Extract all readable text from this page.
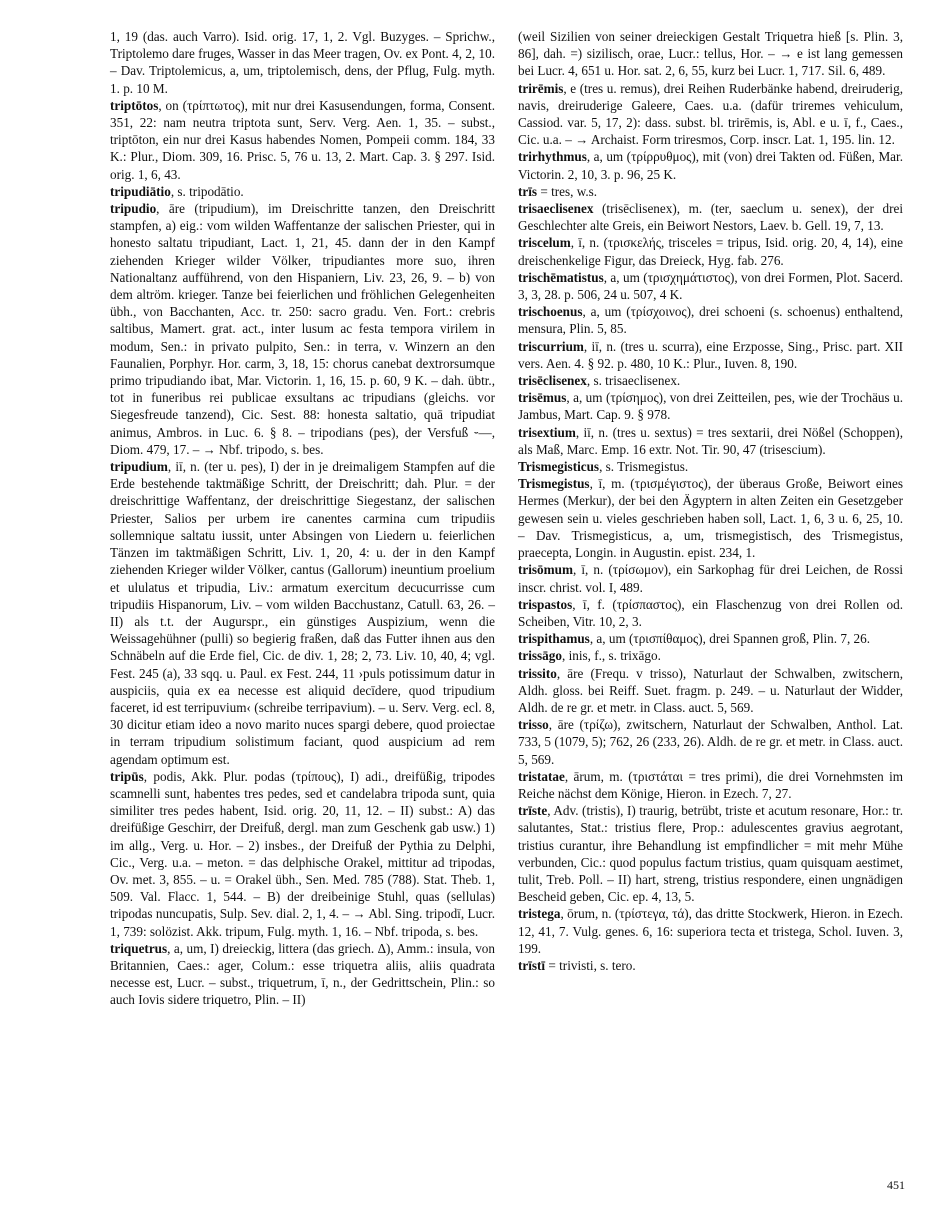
1, 19 (das. auch Varro). Isid. orig. 17, 1, 2. Vgl. Buzyges. – Sprichw., Triptolemo dare fruges, Wasser in das Meer tragen, Ov. ex Pont. 4, 2, 10. – Dav. Triptolemicus, a, um, triptolemisch, dens, der Pflug, Fulg. myth. 1. p. 10 M.

triptōtos, on (τρίπτωτος), mit nur drei Kasusendungen, forma, Consent. 351, 22: nam neutra triptota sunt, Serv. Verg. Aen. 1, 35. – subst., triptōton, ein nur drei Kasus habendes Nomen, Pompeii comm. 184, 33 K.: Plur., Diom. 309, 16. Prisc. 5, 76 u. 13, 2. Mart. Cap. 3. § 297. Isid. orig. 1, 6, 43.

tripudiātio, s. tripodātio.

tripudio, āre (tripudium), im Dreischritte tanzen, den Dreischritt stampfen, a) eig.: vom wilden Waffentanze der salischen Priester, qui in honesto saltatu tripudiant, Lact. 1, 21, 45. dann der in den Kampf ziehenden Krieger wilder Völker, tripudiantes more suo, ihren Nationaltanz aufführend, von den Hispaniern, Liv. 23, 26, 9. – b) von dem altröm. krieger. Tanze bei feierlichen und fröhlichen Gelegenheiten übh., von Bacchanten, Acc. tr. 250: sacro gradu. Ven. Fort.: crebris saltibus, Mamert. grat. act., inter lusum ac festa tempora virilem in modum, Sen.: in privato pulpito, Sen.: in terra, v. Winzern an den Faunalien, Porphyr. Hor. carm, 3, 18, 15: chorus canebat dextrorsumque primo tripudiando ibat, Mar. Victorin. 1, 16, 15. p. 60, 9 K. – dah. übtr., tot in funeribus rei publicae exsultans ac tripudians (gleichs. vor Siegesfreude tanzend), Cic. Sest. 88: honesta saltatio, quā tripudiat animus, Ambros. in Luc. 6. § 8. – tripodians (pes), der Versfuß ⏑—, Diom. 479, 17. – → Nbf. tripodo, s. bes.

tripudium, iī, n. (ter u. pes), I) der in je dreimaligem Stampfen auf die Erde bestehende taktmäßige Schritt, der Dreischritt; dah. Plur. = der dreischrittige Waffentanz, der dreischrittige Siegestanz, der salischen Priester, Salios per urbem ire canentes carmina cum tripudiis sollemnique saltatu iussit, unter Absingen von Liedern u. feierlichen Tänzen im taktmäßigen Schritt, Liv. 1, 20, 4: u. der in den Kampf ziehenden Krieger wilder Völker, cantus (Gallorum) ineuntium proelium et ululatus et tripudia, Liv.: armatum exercitum decucurrisse cum tripudiis Hispanorum, Liv. – vom wilden Bacchustanz, Catull. 63, 26. – II) als t.t. der Augurspr., ein günstiges Auspizium, wenn die Weissagehühner (pulli) so begierig fraßen, daß das Futter ihnen aus den Schnäbeln auf die Erde fiel, Cic. de div. 1, 28; 2, 73. Liv. 10, 40, 4; vgl. Fest. 245 (a), 33 sqq. u. Paul. ex Fest. 244, 11 ›puls potissimum datur in auspiciis, quia ex ea necesse est aliquid decīdere, quod tripudium faceret, id est terripuvium‹ (schreibe terripavium). – u. Serv. Verg. ecl. 8, 30 dicitur etiam ideo a novo marito nuces spargi debere, quod proiectae in terram tripudium solistimum faciant, quod auspicium ad rem agendam optimum est.

tripūs, podis, Akk. Plur. podas (τρίπους), I) adi., dreifüßig, tripodes scamnelli sunt, habentes tres pedes, sed et candelabra tripoda sunt, quia similiter tres pedes habent, Isid. orig. 20, 11, 12. – II) subst.: A) das dreifüßige Geschirr, der Dreifuß, dergl. man zum Geschenk gab usw.) 1) im allg., Verg. u. Hor. – 2) insbes., der Dreifuß der Pythia zu Delphi, Cic., Verg. u.a. – meton. = das delphische Orakel, mittitur ad tripodas, Ov. met. 3, 855. – u. = Orakel übh., Sen. Med. 785 (788). Stat. Theb. 1, 509. Val. Flacc. 1, 544. – B) der dreibeinige Stuhl, quas (sellulas) tripodas nuncupatis, Sulp. Sev. dial. 2, 1, 4. – → Abl. Sing. tripodī, Lucr. 1, 739: solözist. Akk. tripum, Fulg. myth. 1, 16. – Nbf. tripoda, s. bes.

triquetrus, a, um, I) dreieckig, littera (das griech. Δ), Amm.: insula, von Britannien, Caes.: ager, Colum.: esse triquetra aliis, aliis quadrata necesse est, Lucr. – subst., triquetrum, ī, n., der Gedrittschein, Plin.: so auch Iovis sidere triquetro, Plin. – II)

(weil Sizilien von seiner dreieckigen Gestalt Triquetra hieß [s. Plin. 3, 86], dah. =) sizilisch, orae, Lucr.: tellus, Hor. – → e ist lang gemessen bei Lucr. 4, 651 u. Hor. sat. 2, 6, 55, kurz bei Lucr. 1, 717. Sil. 6, 489.

trirēmis, e (tres u. remus), drei Reihen Ruderbänke habend, dreiruderig, navis, dreiruderige Galeere, Caes. u.a. (dafür triremes vehiculum, Cassiod. var. 5, 17, 2): dass. subst. bl. trirēmis, is, Abl. e u. ī, f., Caes., Cic. u.a. – → Archaist. Form triresmos, Corp. inscr. Lat. 1, 195. lin. 12.

trirhythmus, a, um (τρίρρυθμος), mit (von) drei Takten od. Füßen, Mar. Victorin. 2, 10, 3. p. 96, 25 K.

trīs = tres, w.s.

trisaeclisenex (trisēclisenex), m. (ter, saeclum u. senex), der drei Geschlechter alte Greis, ein Beiwort Nestors, Laev. b. Gell. 19, 7, 13.

triscelum, ī, n. (τρισκελής, trisceles = tripus, Isid. orig. 20, 4, 14), eine dreischenkelige Figur, das Dreieck, Hyg. fab. 276.

trischēmatistus, a, um (τρισχημάτιστος), von drei Formen, Plot. Sacerd. 3, 3, 28. p. 506, 24 u. 507, 4 K.

trischoenus, a, um (τρίσχοινος), drei schoeni (s. schoenus) enthaltend, mensura, Plin. 5, 85.

triscurrium, iī, n. (tres u. scurra), eine Erzposse, Sing., Prisc. part. XII vers. Aen. 4. § 92. p. 480, 10 K.: Plur., Iuven. 8, 190.

trisēclisenex, s. trisaeclisenex.

trisēmus, a, um (τρίσημος), von drei Zeitteilen, pes, wie der Trochäus u. Jambus, Mart. Cap. 9. § 978.

trisextium, iī, n. (tres u. sextus) = tres sextarii, drei Nößel (Schoppen), als Maß, Marc. Emp. 16 extr. Not. Tir. 90, 47 (trisescium).

Trismegisticus, s. Trismegistus.

Trismegistus, ī, m. (τρισμέγιστος), der überaus Große, Beiwort eines Hermes (Merkur), der bei den Ägyptern in alten Zeiten ein Gesetzgeber gewesen sein u. vieles geschrieben haben soll, Lact. 1, 6, 3 u. 6, 25, 10. – Dav. Trismegisticus, a, um, trismegistisch, des Trismegistus, praecepta, Longin. in Augustin. epist. 234, 1.

trisōmum, ī, n. (τρίσωμον), ein Sarkophag für drei Leichen, de Rossi inscr. christ. vol. I, 489.

trispastos, ī, f. (τρίσπαστος), ein Flaschenzug von drei Rollen od. Scheiben, Vitr. 10, 2, 3.

trispithamus, a, um (τρισπίθαμος), drei Spannen groß, Plin. 7, 26.

trissāgo, inis, f., s. trixāgo.

trissito, āre (Frequ. v trisso), Naturlaut der Schwalben, zwitschern, Aldh. gloss. bei Reiff. Suet. fragm. p. 249. – u. Naturlaut der Widder, Aldh. de re gr. et metr. in Class. auct. 5, 569.

trisso, āre (τρίζω), zwitschern, Naturlaut der Schwalben, Anthol. Lat. 733, 5 (1079, 5); 762, 26 (233, 26). Aldh. de re gr. et metr. in Class. auct. 5, 569.

tristatae, ārum, m. (τριστάται = tres primi), die drei Vornehmsten im Reiche nächst dem Könige, Hieron. in Ezech. 7, 27.

trīste, Adv. (tristis), I) traurig, betrübt, triste et acutum resonare, Hor.: tr. salutantes, Stat.: tristius flere, Prop.: adulescentes gravius aegrotant, tristius curantur, ihre Behandlung ist empfindlicher = mit mehr Mühe verbunden, Cic.: quod populus factum tristius, quam quisquam aestimet, tulit, Treb. Poll. – II) hart, streng, tristius respondere, einen ungnädigen Bescheid geben, Cic. ep. 4, 13, 5.

tristega, ōrum, n. (τρίστεγα, τά), das dritte Stockwerk, Hieron. in Ezech. 12, 41, 7. Vulg. genes. 6, 16: superiora tecta et tristega, Schol. Iuven. 3, 199.

trīstī = trivisti, s. tero.

451
